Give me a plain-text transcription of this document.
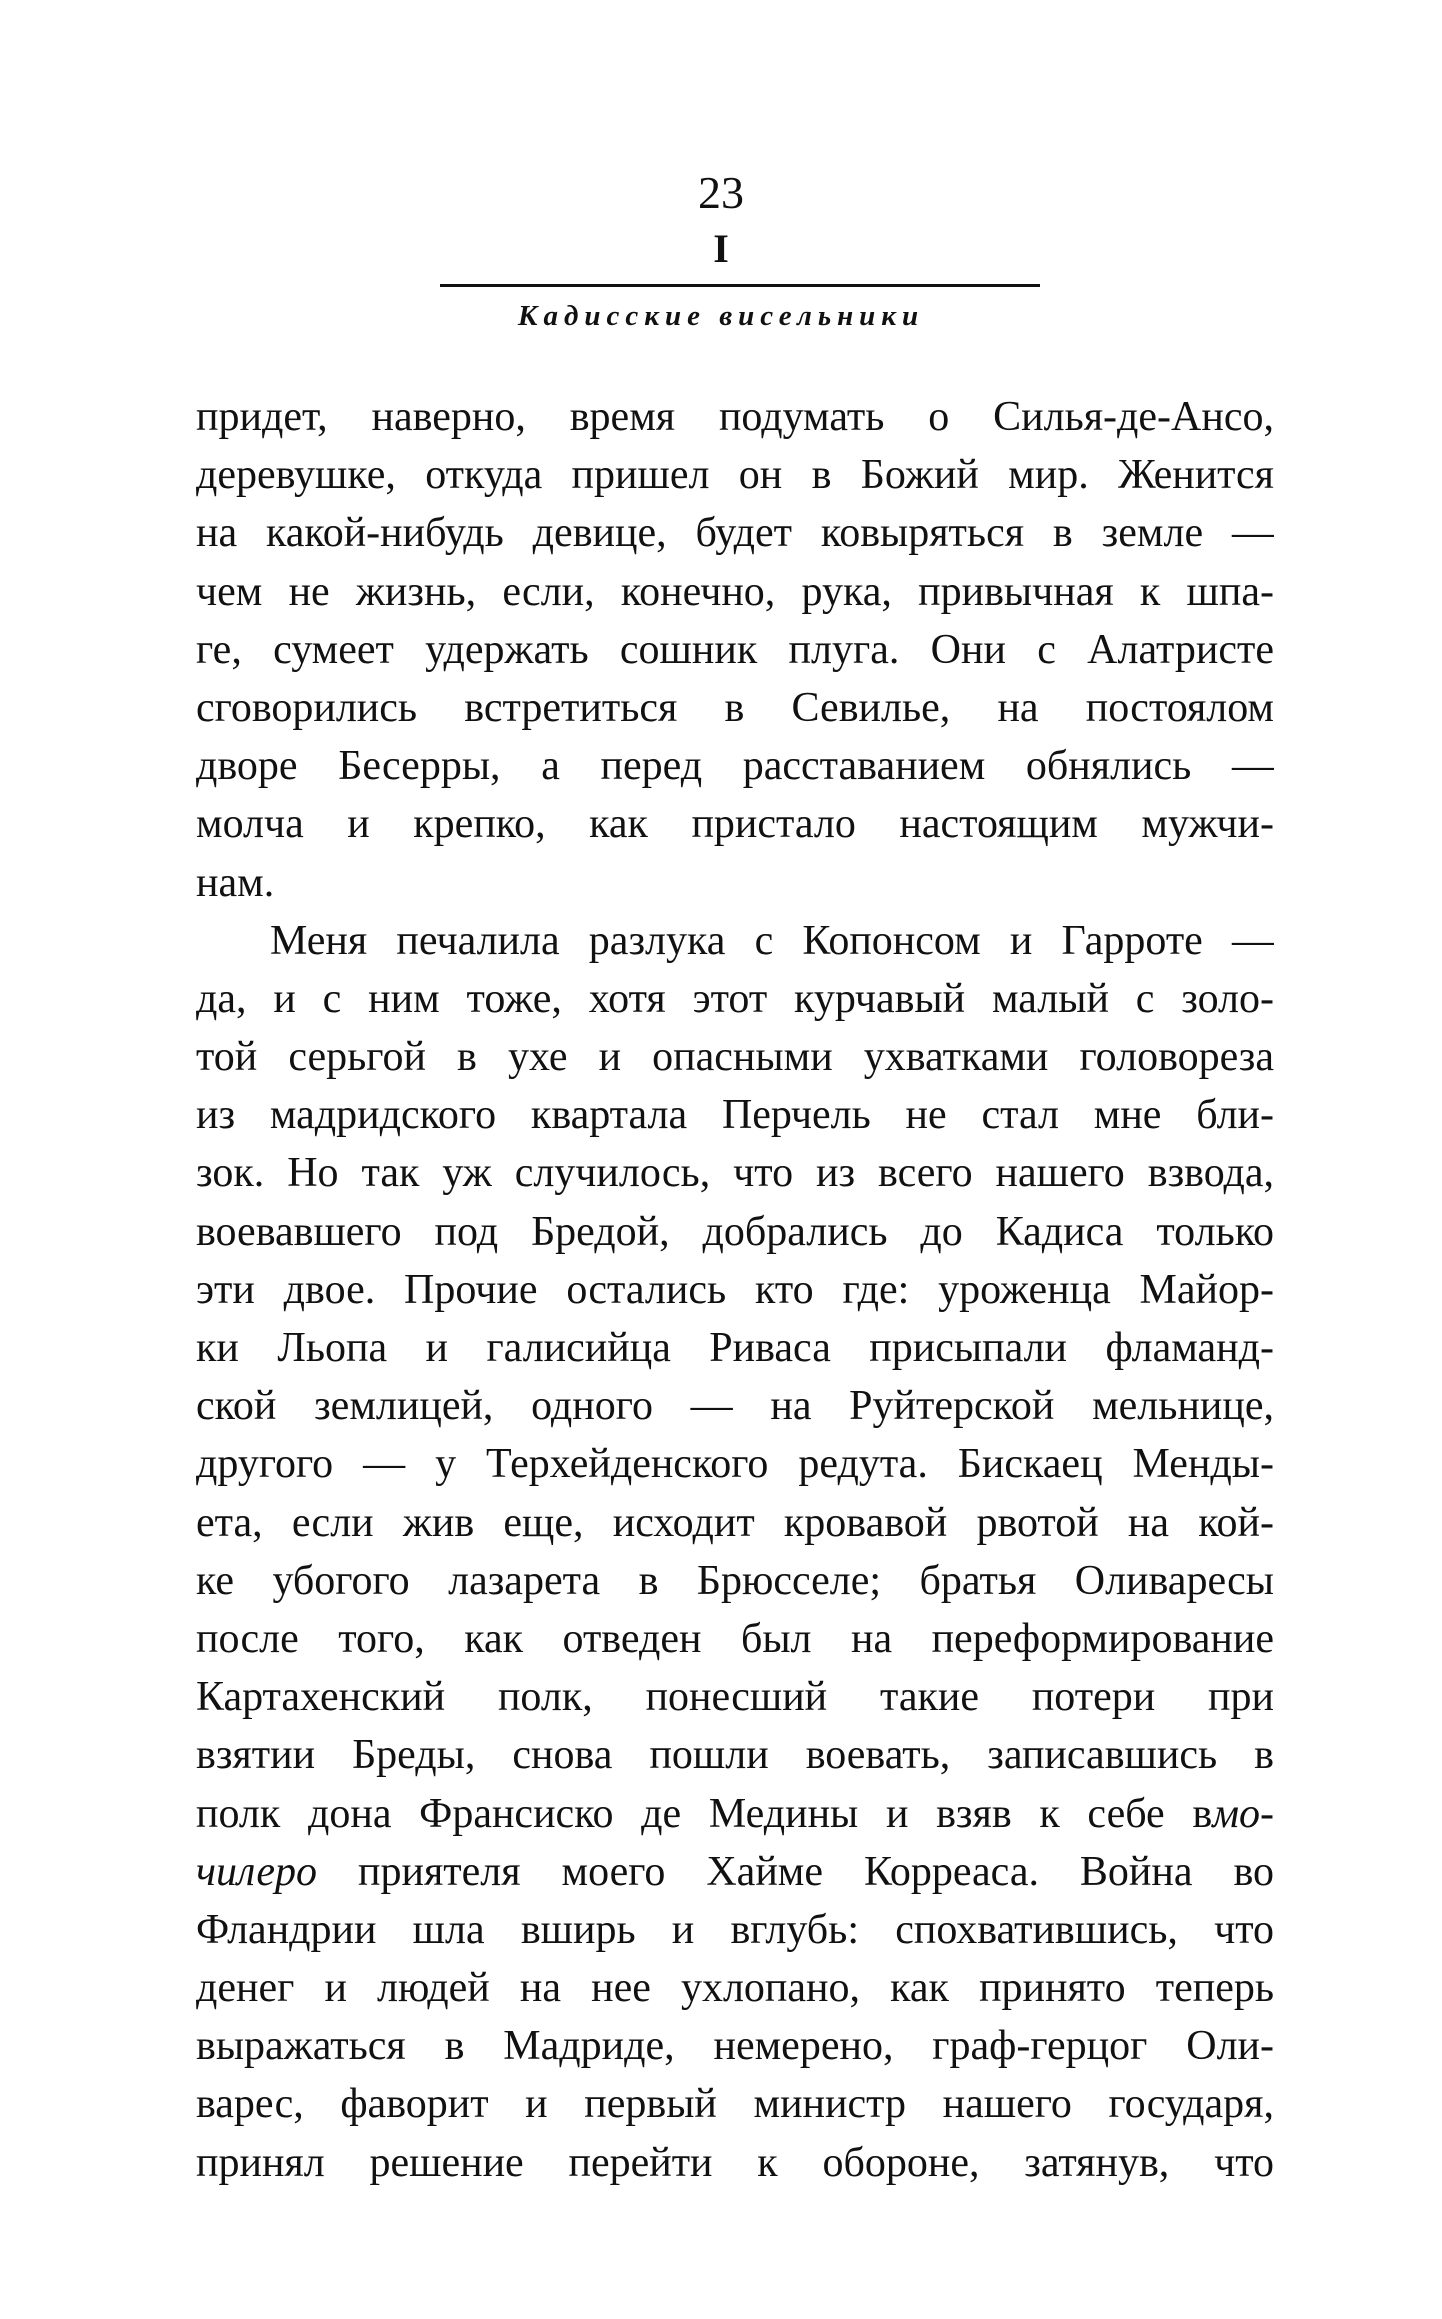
23
I
Кадисские висельники
придет, наверно, время подумать о Силья-де-Ансо,
деревушке, откуда пришел он в Божий мир. Женится
на какой-нибудь девице, будет ковыряться в земле —
чем не жизнь, если, конечно, рука, привычная к шпа-
ге, сумеет удержать сошник плуга. Они с Алатристе
сговорились встретиться в Севилье, на постоялом
дворе Бесерры, а перед расставанием обнялись —
молча и крепко, как пристало настоящим мужчи-
нам.
Меня печалила разлука с Копонсом и Гарроте —
да, и с ним тоже, хотя этот курчавый малый с золо-
той серьгой в ухе и опасными ухватками головореза
из мадридского квартала Перчель не стал мне бли-
зок. Но так уж случилось, что из всего нашего взвода,
воевавшего под Бредой, добрались до Кадиса только
эти двое. Прочие остались кто где: уроженца Майор-
ки Льопа и галисийца Риваса присыпали фламанд-
ской землицей, одного — на Руйтерской мельнице,
другого — у Терхейденского редута. Бискаец Менды-
ета, если жив еще, исходит кровавой рвотой на кой-
ке убогого лазарета в Брюсселе; братья Оливаресы
после того, как отведен был на переформирование
Картахенский полк, понесший такие потери при
взятии Бреды, снова пошли воевать, записавшись в
полк дона Франсиско де Медины и взяв к себе вмо-
чилеро приятеля моего Хайме Корреаса. Война во
Фландрии шла вширь и вглубь: спохватившись, что
денег и людей на нее ухлопано, как принято теперь
выражаться в Мадриде, немерено, граф-герцог Оли-
варес, фаворит и первый министр нашего государя,
принял решение перейти к обороне, затянув, что
